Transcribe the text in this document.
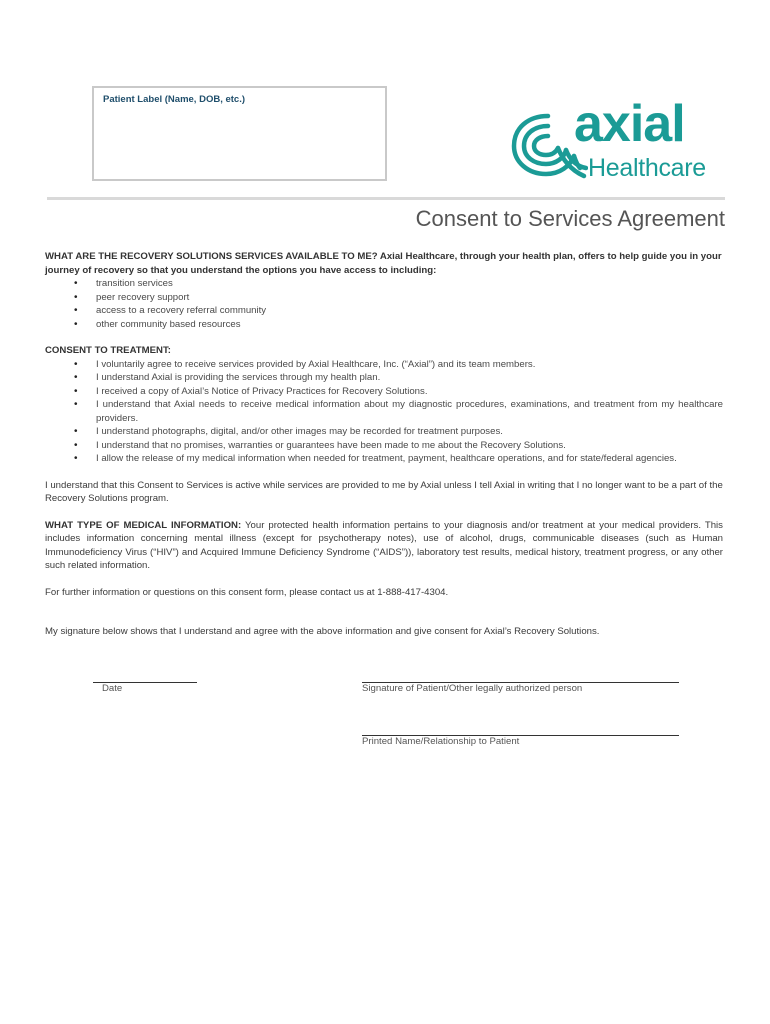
Patient Label (Name, DOB, etc.)	axial
Healthcare
Consent to Services Agreement

WHAT ARE THE RECOVERY SOLUTIONS SERVICES AVAILABLE TO ME? Axial Healthcare, through your health plan, offers to help guide you in your journey of recovery so that you understand the options you have access to including:

• transition services
• peer recovery support
• access to a recovery referral community
• other community based resources

CONSENT TO TREATMENT:

• I voluntarily agree to receive services provided by Axial Healthcare, Inc. (“Axial”) and its team members.
• I understand Axial is providing the services through my health plan.
• I received a copy of Axial’s Notice of Privacy Practices for Recovery Solutions.
• I understand that Axial needs to receive medical information about my diagnostic procedures, examinations, and treatment from my healthcare providers.
• I understand photographs, digital, and/or other images may be recorded for treatment purposes.
• I understand that no promises, warranties or guarantees have been made to me about the Recovery Solutions.
• I allow the release of my medical information when needed for treatment, payment, healthcare operations, and for state/federal agencies.

I understand that this Consent to Services is active while services are provided to me by Axial unless I tell Axial in writing that I no longer want to be a part of the Recovery Solutions program.

WHAT TYPE OF MEDICAL INFORMATION: Your protected health information pertains to your diagnosis and/or treatment at your medical providers. This includes information concerning mental illness (except for psychotherapy notes), use of alcohol, drugs, communicable diseases (such as Human Immunodeficiency Virus (“HIV”) and Acquired Immune Deficiency Syndrome (“AIDS”)), laboratory test results, medical history, treatment progress, or any other such related information.

For further information or questions on this consent form, please contact us at 1-888-417-4304.

My signature below shows that I understand and agree with the above information and give consent for Axial’s Recovery Solutions.

Date	Signature of Patient/Other legally authorized person
Printed Name/Relationship to Patient
